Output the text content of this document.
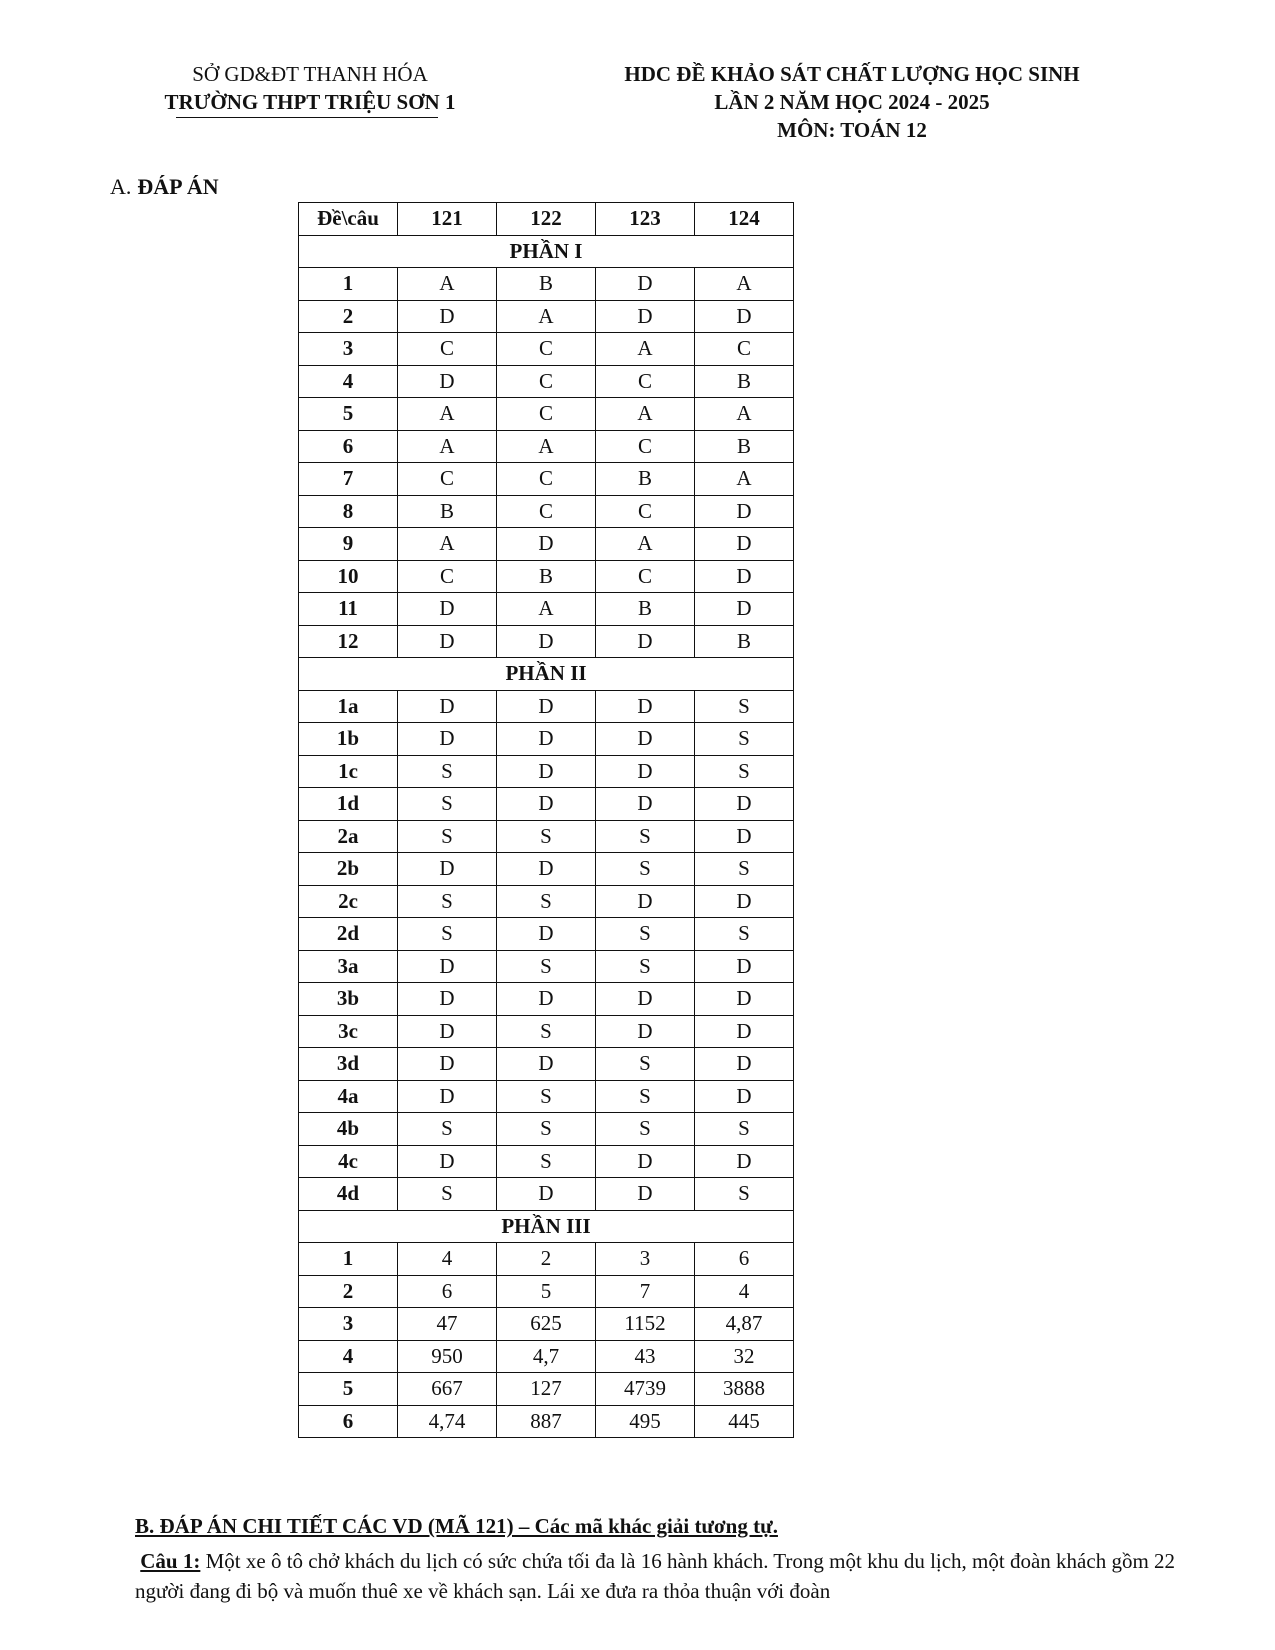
SỞ GD&ĐT THANH HÓA
TRƯỜNG THPT TRIỆU SƠN 1
HDC ĐỀ KHẢO SÁT CHẤT LƯỢNG HỌC SINH
LẦN 2 NĂM HỌC 2024 - 2025
MÔN: TOÁN 12
A. ĐÁP ÁN
Đề\câu	121	122	123	124
PHẦN I				
1	A	B	D	A
2	D	A	D	D
3	C	C	A	C
4	D	C	C	B
5	A	C	A	A
6	A	A	C	B
7	C	C	B	A
8	B	C	C	D
9	A	D	A	D
10	C	B	C	D
11	D	A	B	D
12	D	D	D	B
PHẦN II				
1a	D	D	D	S
1b	D	D	D	S
1c	S	D	D	S
1d	S	D	D	D
2a	S	S	S	D
2b	D	D	S	S
2c	S	S	D	D
2d	S	D	S	S
3a	D	S	S	D
3b	D	D	D	D
3c	D	S	D	D
3d	D	D	S	D
4a	D	S	S	D
4b	S	S	S	S
4c	D	S	D	D
4d	S	D	D	S
PHẦN III				
1	4	2	3	6
2	6	5	7	4
3	47	625	1152	4,87
4	950	4,7	43	32
5	667	127	4739	3888
6	4,74	887	495	445
B. ĐÁP ÁN CHI TIẾT CÁC VD (MÃ 121) – Các mã khác giải tương tự.
Câu 1: Một xe ô tô chở khách du lịch có sức chứa tối đa là 16 hành khách. Trong một khu du lịch, một đoàn khách gồm 22 người đang đi bộ và muốn thuê xe về khách sạn. Lái xe đưa ra thỏa thuận với đoàn
